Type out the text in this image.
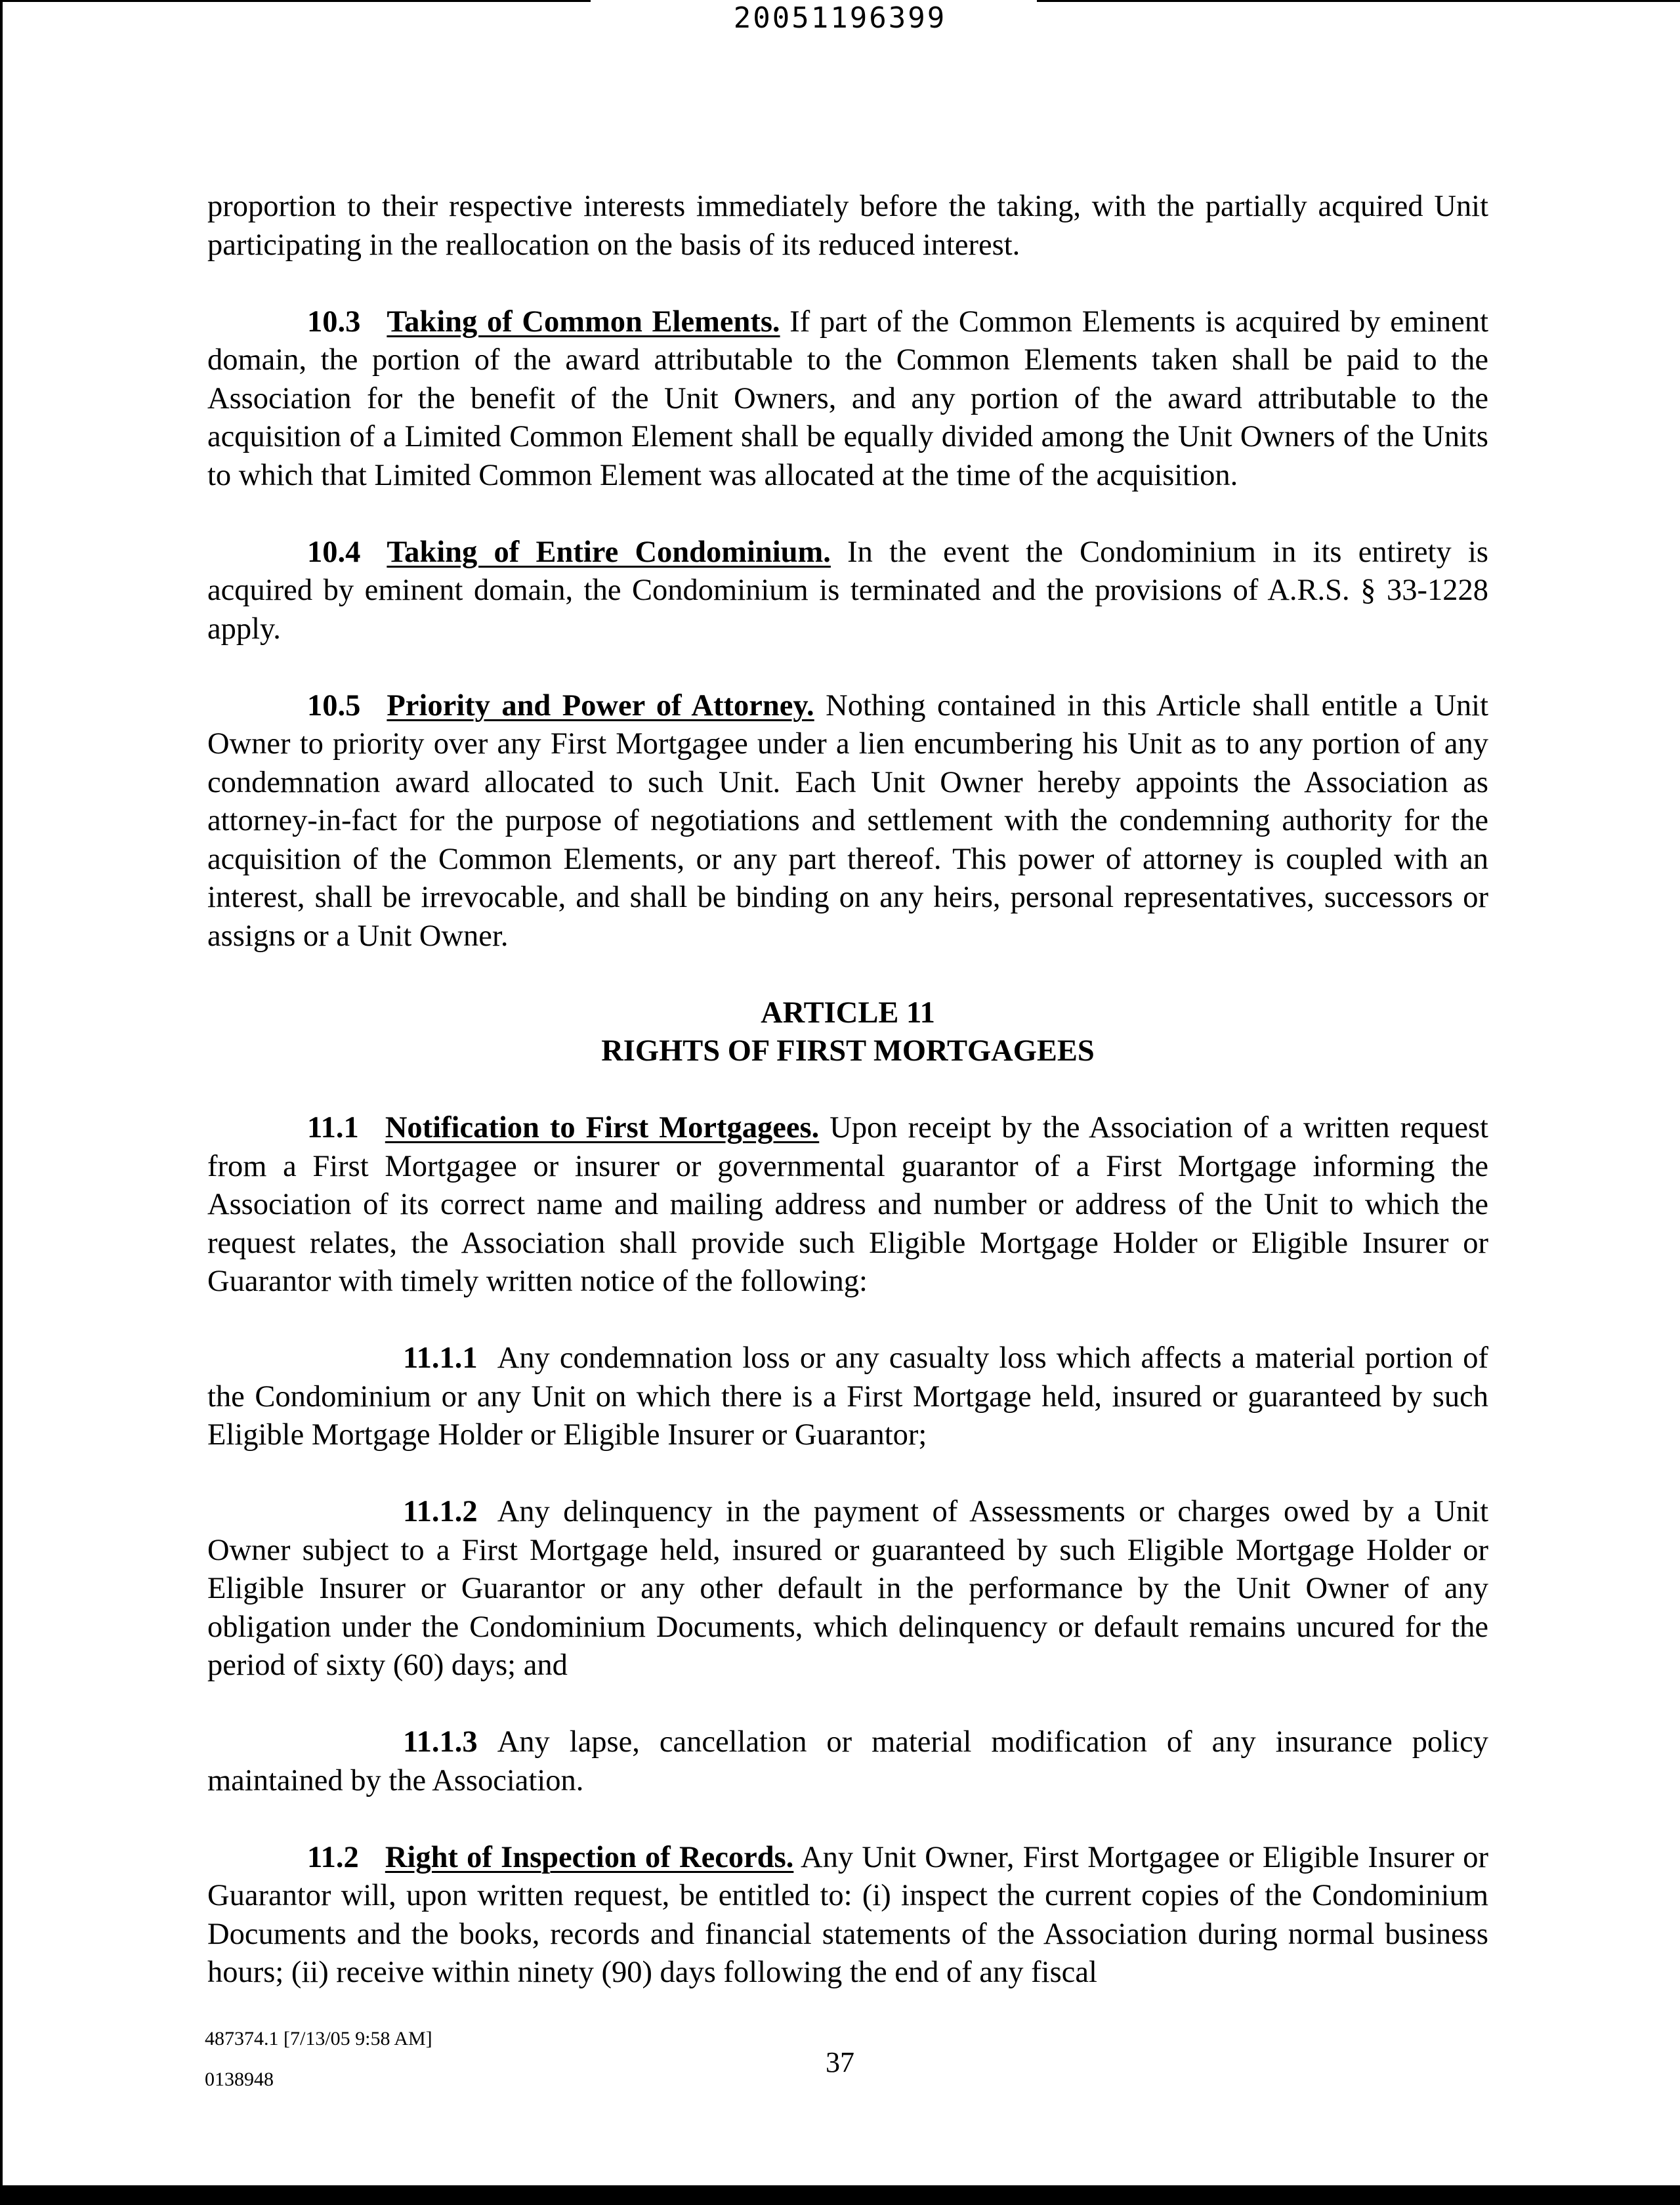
20051196399

proportion to their respective interests immediately before the taking, with the partially acquired Unit participating in the reallocation on the basis of its reduced interest.

10.3 Taking of Common Elements. If part of the Common Elements is acquired by eminent domain, the portion of the award attributable to the Common Elements taken shall be paid to the Association for the benefit of the Unit Owners, and any portion of the award attributable to the acquisition of a Limited Common Element shall be equally divided among the Unit Owners of the Units to which that Limited Common Element was allocated at the time of the acquisition.

10.4 Taking of Entire Condominium. In the event the Condominium in its entirety is acquired by eminent domain, the Condominium is terminated and the provisions of A.R.S. § 33-1228 apply.

10.5 Priority and Power of Attorney. Nothing contained in this Article shall entitle a Unit Owner to priority over any First Mortgagee under a lien encumbering his Unit as to any portion of any condemnation award allocated to such Unit. Each Unit Owner hereby appoints the Association as attorney-in-fact for the purpose of negotiations and settlement with the condemning authority for the acquisition of the Common Elements, or any part thereof. This power of attorney is coupled with an interest, shall be irrevocable, and shall be binding on any heirs, personal representatives, successors or assigns or a Unit Owner.

ARTICLE 11
RIGHTS OF FIRST MORTGAGEES

11.1 Notification to First Mortgagees. Upon receipt by the Association of a written request from a First Mortgagee or insurer or governmental guarantor of a First Mortgage informing the Association of its correct name and mailing address and number or address of the Unit to which the request relates, the Association shall provide such Eligible Mortgage Holder or Eligible Insurer or Guarantor with timely written notice of the following:

11.1.1 Any condemnation loss or any casualty loss which affects a material portion of the Condominium or any Unit on which there is a First Mortgage held, insured or guaranteed by such Eligible Mortgage Holder or Eligible Insurer or Guarantor;

11.1.2 Any delinquency in the payment of Assessments or charges owed by a Unit Owner subject to a First Mortgage held, insured or guaranteed by such Eligible Mortgage Holder or Eligible Insurer or Guarantor or any other default in the performance by the Unit Owner of any obligation under the Condominium Documents, which delinquency or default remains uncured for the period of sixty (60) days; and

11.1.3 Any lapse, cancellation or material modification of any insurance policy maintained by the Association.

11.2 Right of Inspection of Records. Any Unit Owner, First Mortgagee or Eligible Insurer or Guarantor will, upon written request, be entitled to: (i) inspect the current copies of the Condominium Documents and the books, records and financial statements of the Association during normal business hours; (ii) receive within ninety (90) days following the end of any fiscal

487374.1 [7/13/05 9:58 AM]
0138948
37
